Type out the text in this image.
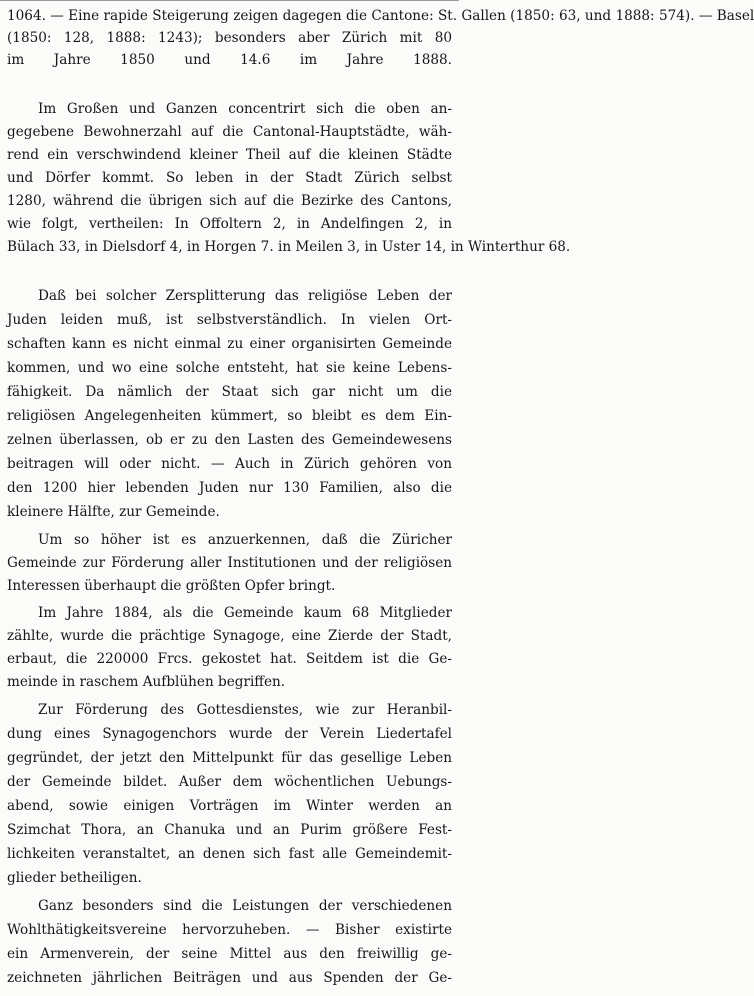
1064. — Eine rapide Steigerung zeigen dagegen die Cantone: St. Gallen (1850: 63, und 1888: 574). — Basel
(1850: 128, 1888: 1243); besonders aber Zürich mit 80
im Jahre 1850 und 14.6 im Jahre 1888.
Im Großen und Ganzen concentrirt sich die oben an-
gegebene Bewohnerzahl auf die Cantonal-Hauptstädte, wäh-
rend ein verschwindend kleiner Theil auf die kleinen Städte
und Dörfer kommt. So leben in der Stadt Zürich selbst
1280, während die übrigen sich auf die Bezirke des Cantons,
wie folgt, vertheilen: In Offoltern 2, in Andelfingen 2, in
Bülach 33, in Dielsdorf 4, in Horgen 7. in Meilen 3, in Uster 14, in Winterthur 68.
Daß bei solcher Zersplitterung das religiöse Leben der
Juden leiden muß, ist selbstverständlich. In vielen Ort-
schaften kann es nicht einmal zu einer organisirten Gemeinde
kommen, und wo eine solche entsteht, hat sie keine Lebens-
fähigkeit. Da nämlich der Staat sich gar nicht um die
religiösen Angelegenheiten kümmert, so bleibt es dem Ein-
zelnen überlassen, ob er zu den Lasten des Gemeindewesens
beitragen will oder nicht. — Auch in Zürich gehören von
den 1200 hier lebenden Juden nur 130 Familien, also die
kleinere Hälfte, zur Gemeinde.
Um so höher ist es anzuerkennen, daß die Züricher
Gemeinde zur Förderung aller Institutionen und der religiösen
Interessen überhaupt die größten Opfer bringt.
Im Jahre 1884, als die Gemeinde kaum 68 Mitglieder
zählte, wurde die prächtige Synagoge, eine Zierde der Stadt,
erbaut, die 220000 Frcs. gekostet hat. Seitdem ist die Ge-
meinde in raschem Aufblühen begriffen.
Zur Förderung des Gottesdienstes, wie zur Heranbil-
dung eines Synagogenchors wurde der Verein Liedertafel
gegründet, der jetzt den Mittelpunkt für das gesellige Leben
der Gemeinde bildet. Außer dem wöchentlichen Uebungs-
abend, sowie einigen Vorträgen im Winter werden an
Szimchat Thora, an Chanuka und an Purim größere Fest-
lichkeiten veranstaltet, an denen sich fast alle Gemeindemit-
glieder betheiligen.
Ganz besonders sind die Leistungen der verschiedenen
Wohlthätigkeitsvereine hervorzuheben. — Bisher existirte
ein Armenverein, der seine Mittel aus den freiwillig ge-
zeichneten jährlichen Beiträgen und aus Spenden der Ge-
